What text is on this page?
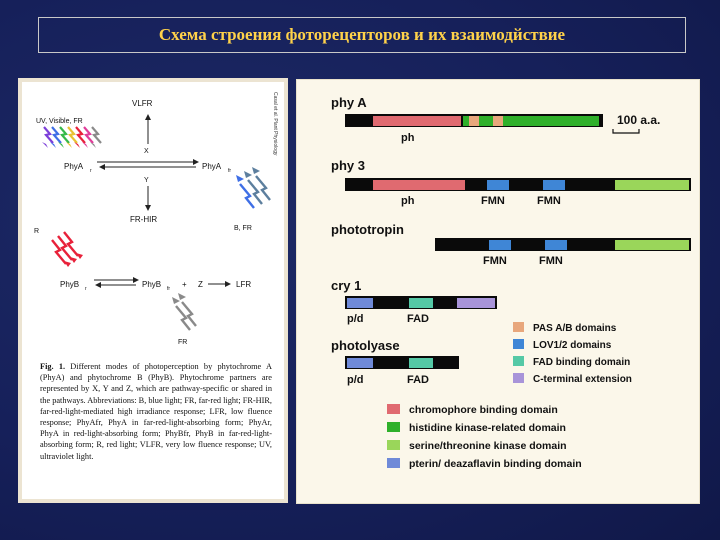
Схема строения фоторецепторов и их взаимодйствие
UV, Visible, FR
VLFR
X
PhyA r	PhyA fr
Y
FR-HIR
B, FR
R
PhyB r	PhyB fr + Z	LFR
FR
Casal et al. Plant Physiology
Fig. 1. Different modes of photoperception by phytochrome A (PhyA) and phytochrome B (PhyB). Phytochrome partners are represented by X, Y and Z, which are pathway-specific or shared in the pathways. Abbreviations: B, blue light; FR, far-red light; FR-HIR, far-red-light-mediated high irradiance response; LFR, low fluence response; PhyAfr, PhyA in far-red-light-absorbing form; PhyAr, PhyA in red-light-absorbing form; PhyBfr, PhyB in far-red-light-absorbing form; R, red light; VLFR, very low fluence response; UV, ultraviolet light.
phy A
ph
100 a.a.
phy 3
ph	FMN	FMN
phototropin
FMN	FMN
cry 1
p/d	FAD
photolyase
p/d	FAD
PAS A/B domains
LOV1/2 domains
FAD binding domain
C-terminal extension
chromophore binding domain
histidine kinase-related domain
serine/threonine kinase domain
pterin/ deazaflavin binding domain
